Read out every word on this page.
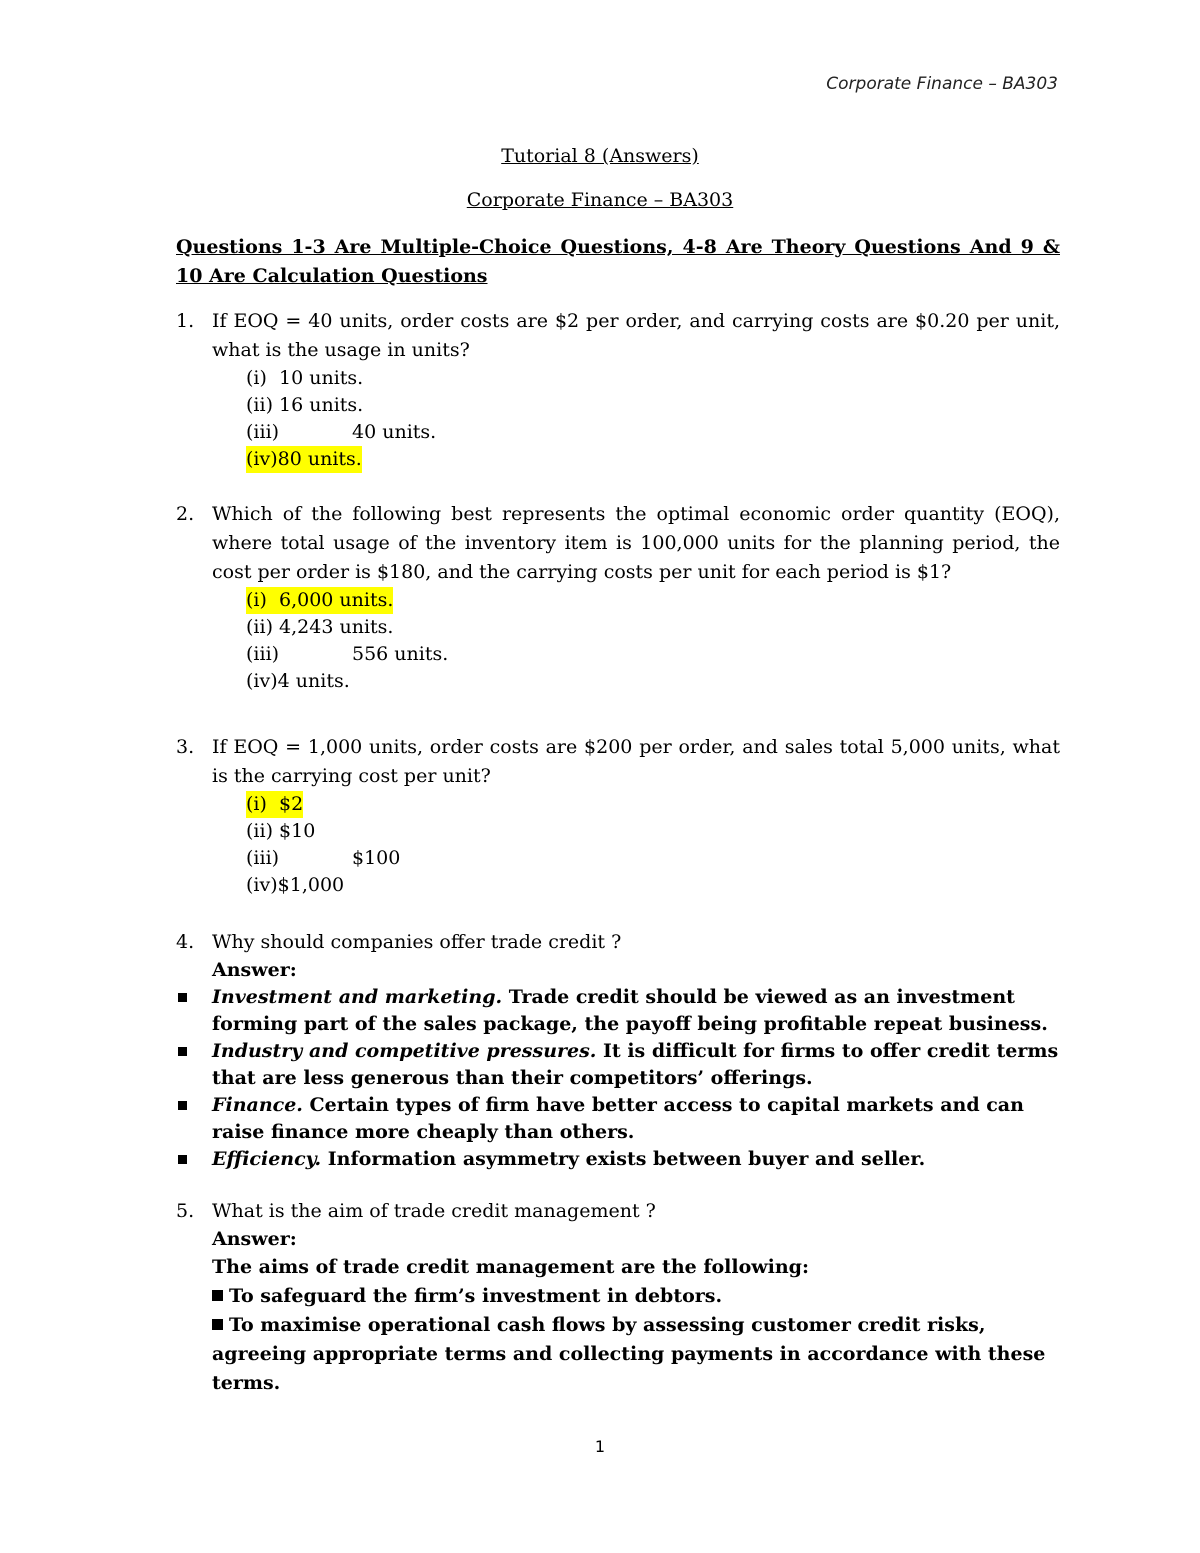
Corporate Finance – BA303
Tutorial 8 (Answers)
Corporate Finance – BA303
Questions 1-3 Are Multiple-Choice Questions, 4-8 Are Theory Questions And 9 & 10 Are Calculation Questions
1. If EOQ = 40 units, order costs are $2 per order, and carrying costs are $0.20 per unit, what is the usage in units?
(i) 10 units.
(ii) 16 units.
(iii)	40 units.
(iv)80 units.
2. Which of the following best represents the optimal economic order quantity (EOQ), where total usage of the inventory item is 100,000 units for the planning period, the cost per order is $180, and the carrying costs per unit for each period is $1?
(i) 6,000 units.
(ii) 4,243 units.
(iii)	556 units.
(iv)4 units.
3. If EOQ = 1,000 units, order costs are $200 per order, and sales total 5,000 units, what is the carrying cost per unit?
(i) $2
(ii) $10
(iii)	$100
(iv)$1,000
4. Why should companies offer trade credit ?
Answer:
Investment and marketing. Trade credit should be viewed as an investment forming part of the sales package, the payoff being profitable repeat business.
Industry and competitive pressures. It is difficult for firms to offer credit terms that are less generous than their competitors’ offerings.
Finance. Certain types of firm have better access to capital markets and can raise finance more cheaply than others.
Efficiency. Information asymmetry exists between buyer and seller.
5. What is the aim of trade credit management ?
Answer:
The aims of trade credit management are the following:
To safeguard the firm’s investment in debtors.
To maximise operational cash flows by assessing customer credit risks, agreeing appropriate terms and collecting payments in accordance with these terms.
1
